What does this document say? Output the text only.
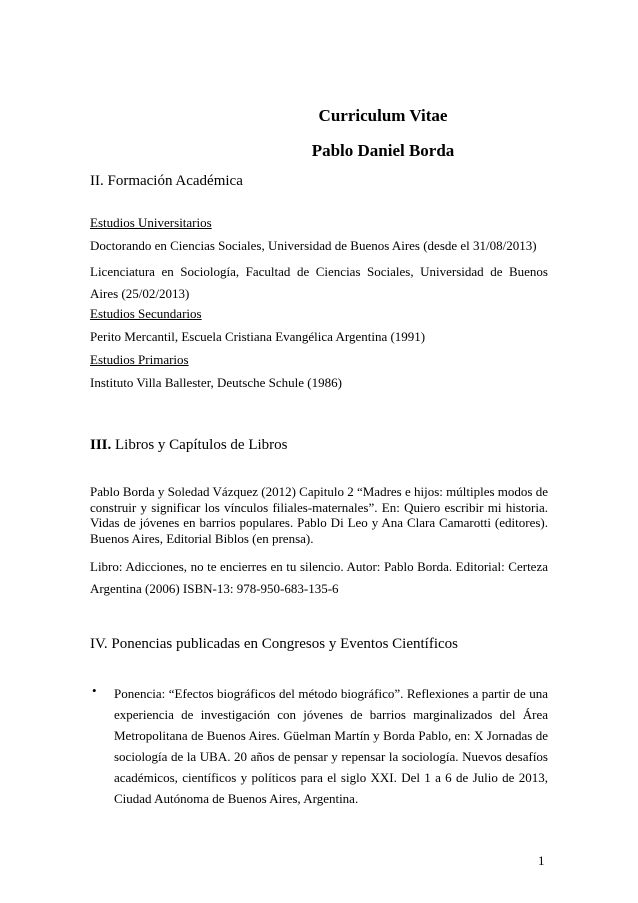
Curriculum Vitae
Pablo Daniel Borda
II. Formación Académica
Estudios Universitarios
Doctorando en Ciencias Sociales, Universidad de Buenos Aires (desde el 31/08/2013)
Licenciatura en Sociología, Facultad de Ciencias Sociales, Universidad de Buenos Aires (25/02/2013)
Estudios Secundarios
Perito Mercantil, Escuela Cristiana Evangélica Argentina (1991)
Estudios Primarios
Instituto Villa Ballester, Deutsche Schule (1986)
III. Libros y Capítulos de Libros
Pablo Borda y Soledad Vázquez (2012) Capitulo 2 “Madres e hijos: múltiples modos de construir y significar los vínculos filiales-maternales”. En: Quiero escribir mi historia. Vidas de jóvenes en barrios populares. Pablo Di Leo y Ana Clara Camarotti (editores). Buenos Aires, Editorial Biblos (en prensa).
Libro: Adicciones, no te encierres en tu silencio. Autor: Pablo Borda. Editorial: Certeza Argentina (2006) ISBN-13: 978-950-683-135-6
IV. Ponencias publicadas en Congresos y Eventos Científicos
• Ponencia: “Efectos biográficos del método biográfico”. Reflexiones a partir de una experiencia de investigación con jóvenes de barrios marginalizados del Área Metropolitana de Buenos Aires. Güelman Martín y Borda Pablo, en: X Jornadas de sociología de la UBA. 20 años de pensar y repensar la sociología. Nuevos desafíos académicos, científicos y políticos para el siglo XXI. Del 1 a 6 de Julio de 2013, Ciudad Autónoma de Buenos Aires, Argentina.
1
